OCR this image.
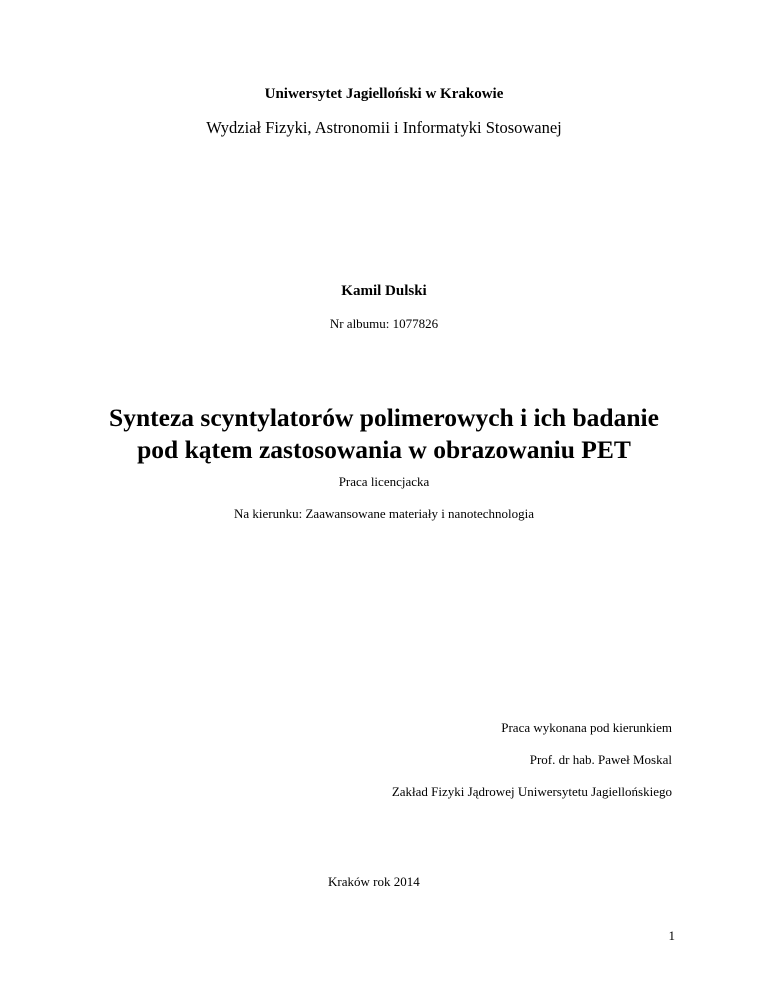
Uniwersytet Jagielloński w Krakowie
Wydział Fizyki, Astronomii i Informatyki Stosowanej
Kamil Dulski
Nr albumu: 1077826
Synteza scyntylatorów polimerowych i ich badanie
pod kątem zastosowania w obrazowaniu PET
Praca licencjacka
Na kierunku: Zaawansowane materiały i nanotechnologia
Praca wykonana pod kierunkiem
Prof. dr hab. Paweł Moskal
Zakład Fizyki Jądrowej Uniwersytetu Jagiellońskiego
Kraków rok 2014
1
